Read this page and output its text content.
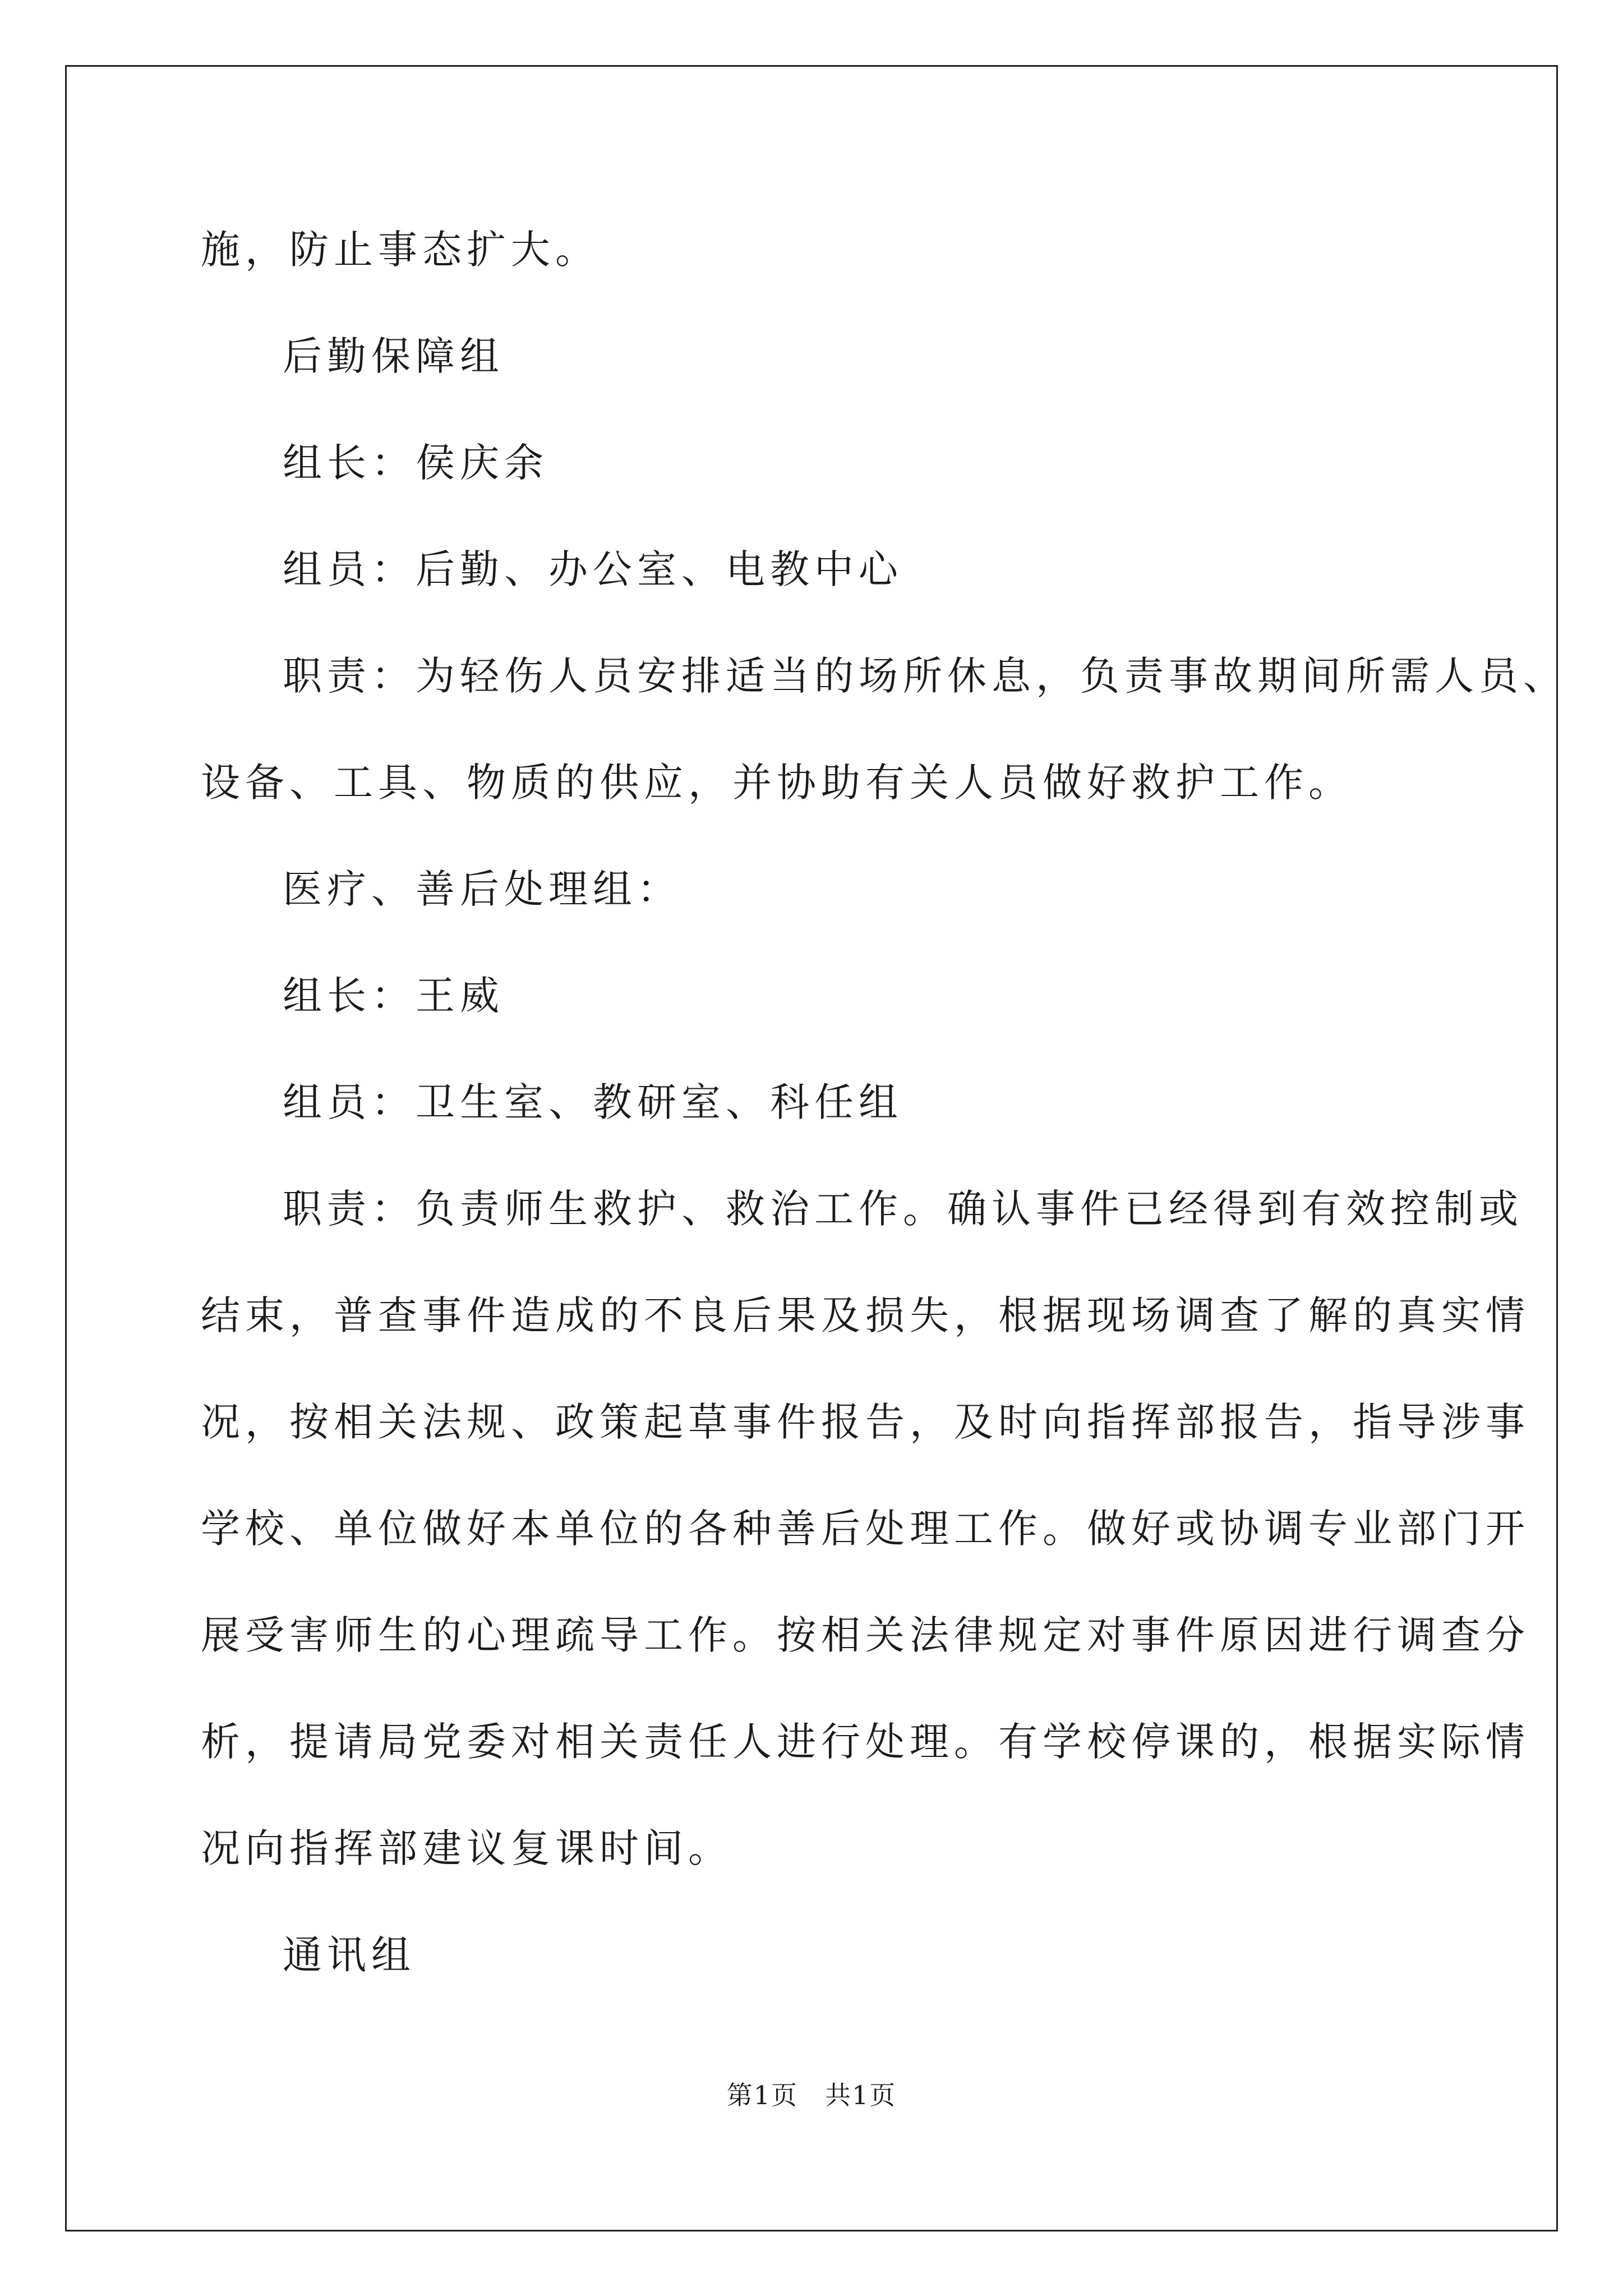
施，防止事态扩大。
后勤保障组
组长：侯庆余
组员：后勤、办公室、电教中心
职责：为轻伤人员安排适当的场所休息，负责事故期间所需人员、
设备、工具、物质的供应，并协助有关人员做好救护工作。
医疗、善后处理组：
组长：王威
组员：卫生室、教研室、科任组
职责：负责师生救护、救治工作。确认事件已经得到有效控制或
结束，普查事件造成的不良后果及损失，根据现场调查了解的真实情
况，按相关法规、政策起草事件报告，及时向指挥部报告，指导涉事
学校、单位做好本单位的各种善后处理工作。做好或协调专业部门开
展受害师生的心理疏导工作。按相关法律规定对事件原因进行调查分
析，提请局党委对相关责任人进行处理。有学校停课的，根据实际情
况向指挥部建议复课时间。
通讯组
第1页　共1页
